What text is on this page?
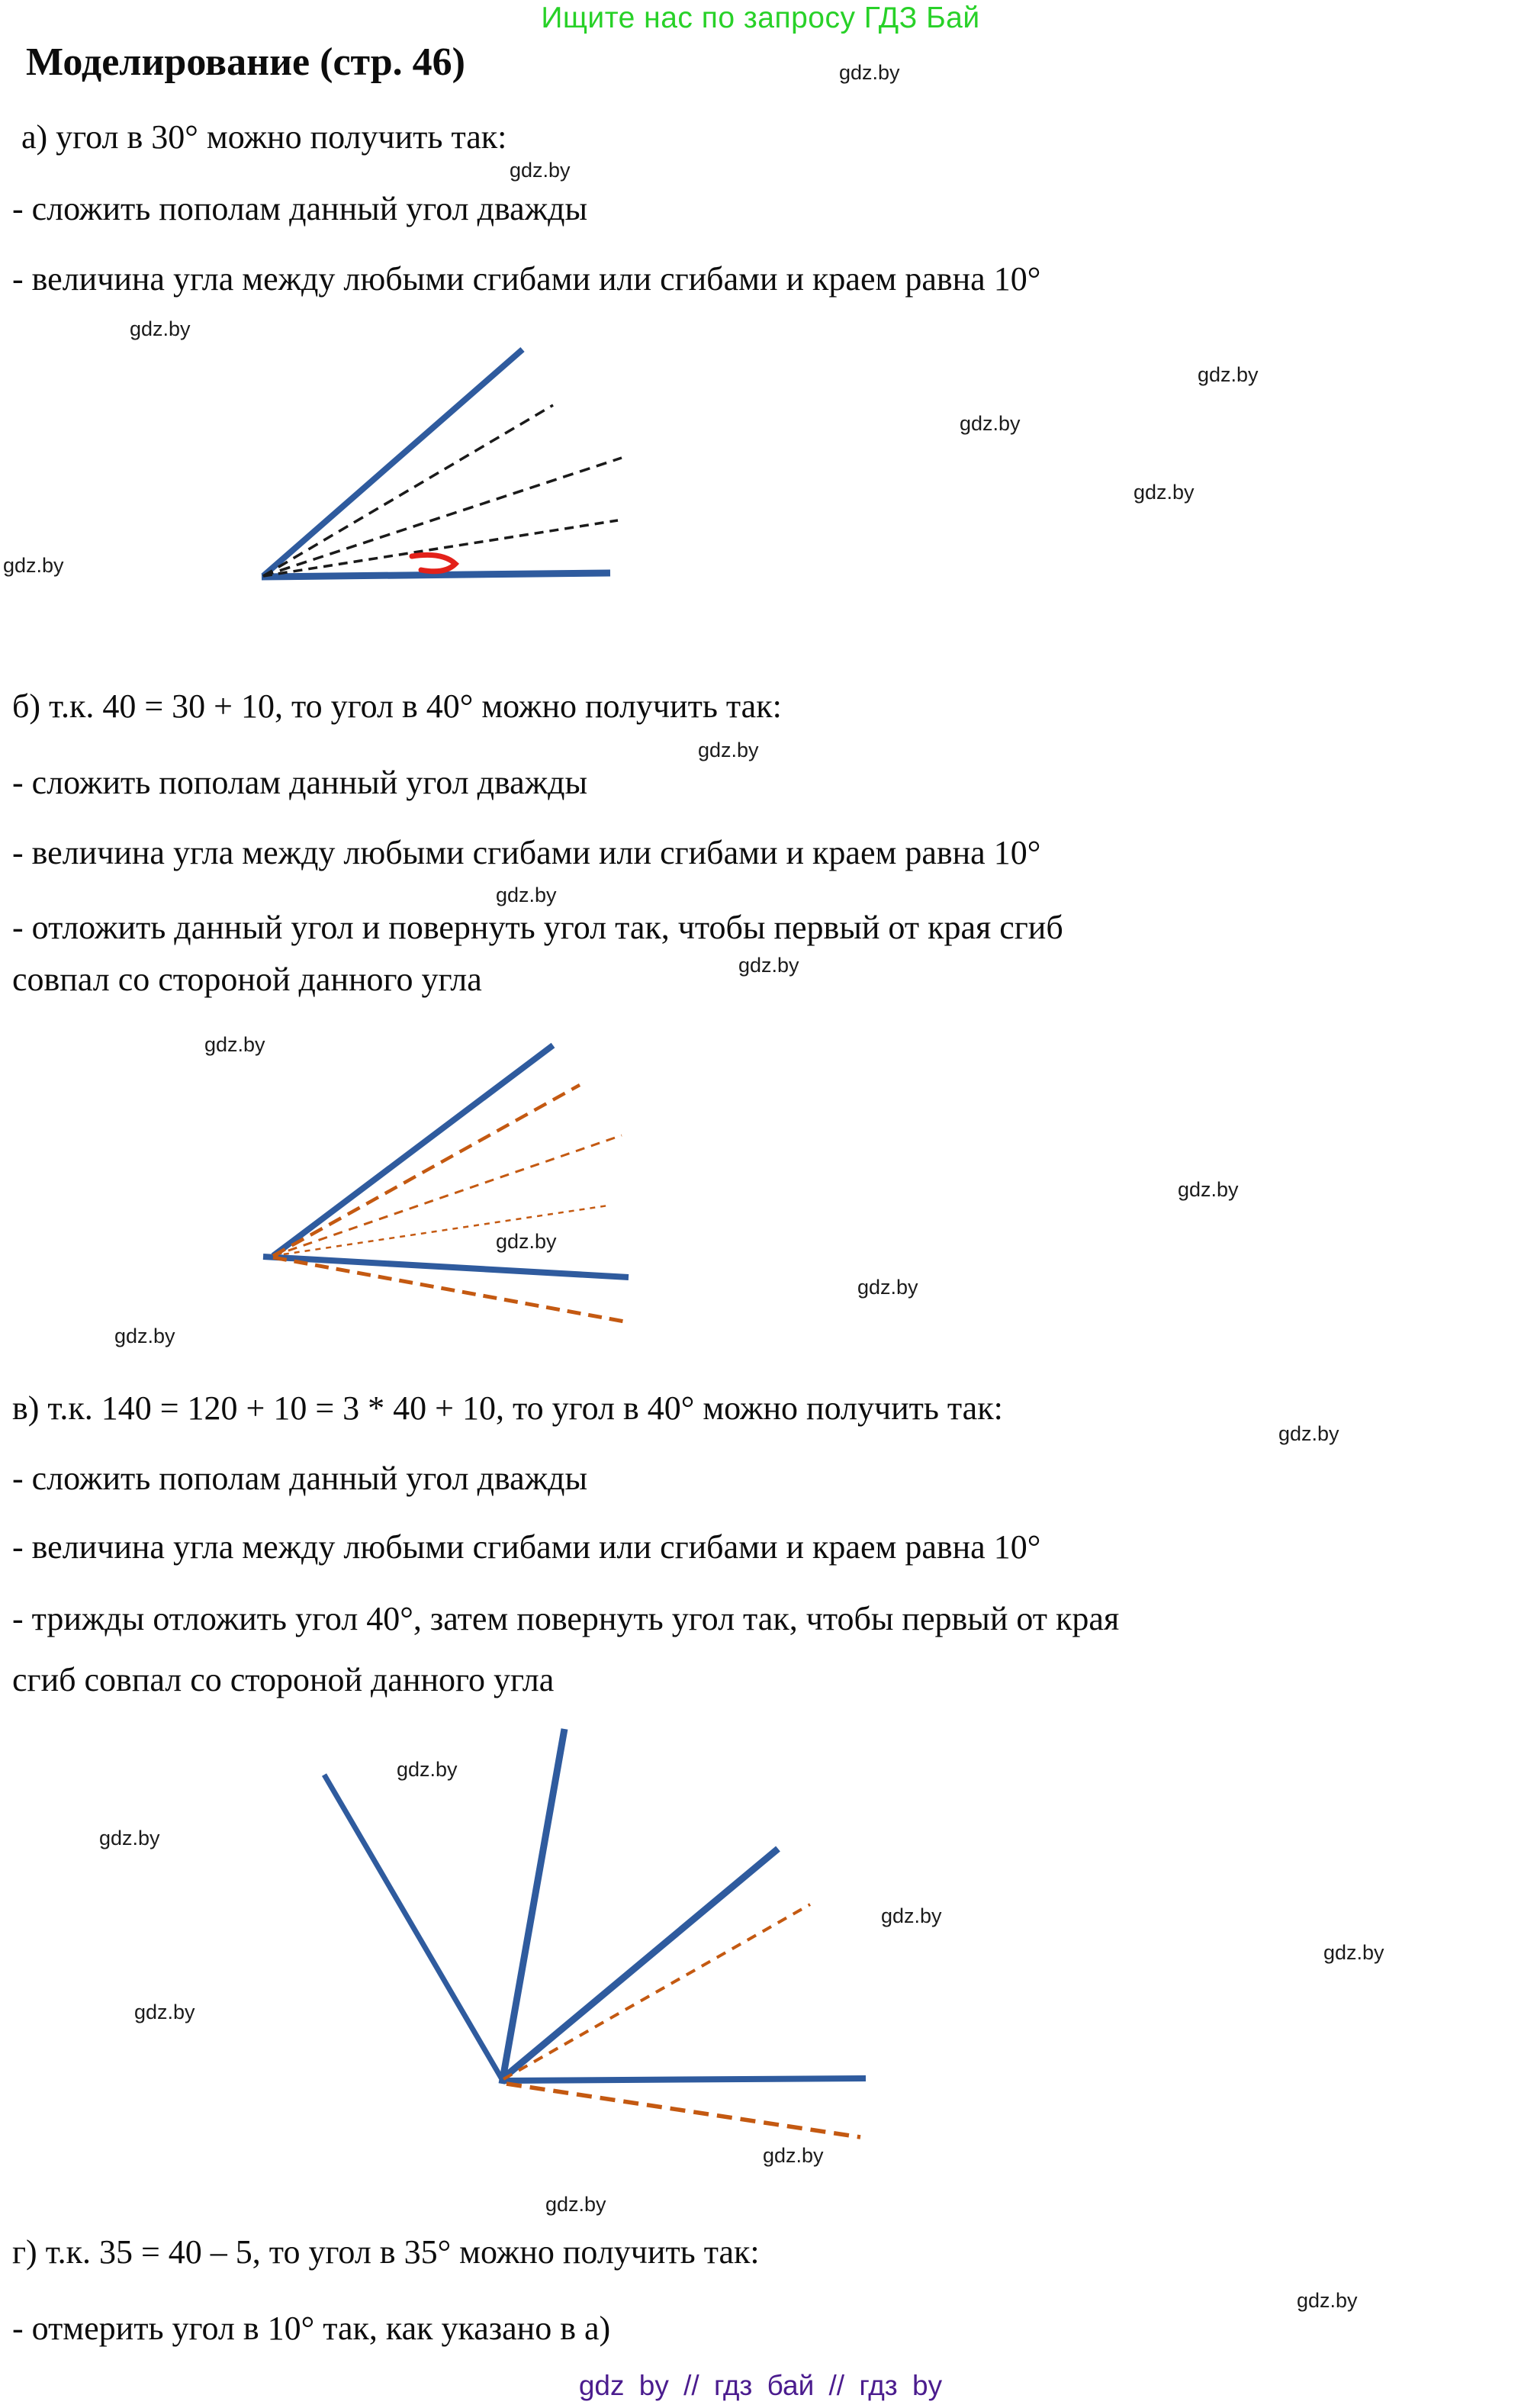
Ищите нас по запросу ГДЗ Бай
Моделирование (стр. 46)
а) угол в 30° можно получить так:
- сложить пополам данный угол дважды
- величина угла между любыми сгибами или сгибами и краем равна 10°
б) т.к. 40 = 30 + 10, то угол в 40° можно получить так:
- сложить пополам данный угол дважды
- величина угла между любыми сгибами или сгибами и краем равна 10°
- отложить данный угол и повернуть угол так, чтобы первый от края сгиб
совпал со стороной данного угла
в) т.к. 140 = 120 + 10 = 3 * 40 + 10, то угол в 40° можно получить так:
- сложить пополам данный угол дважды
- величина угла между любыми сгибами или сгибами и краем равна 10°
- трижды отложить угол 40°, затем повернуть угол так, чтобы первый от края
сгиб совпал со стороной данного угла
г) т.к. 35 = 40 – 5, то угол в 35° можно получить так:
- отмерить угол в 10° так, как указано в а)
gdz.by
gdz.by
gdz.by
gdz.by
gdz.by
gdz.by
gdz.by
gdz.by
gdz.by
gdz.by
gdz.by
gdz.by
gdz.by
gdz.by
gdz.by
gdz.by
gdz.by
gdz.by
gdz.by
gdz.by
gdz.by
gdz.by
gdz.by
gdz.by
gdz by // гдз бай // гдз by
